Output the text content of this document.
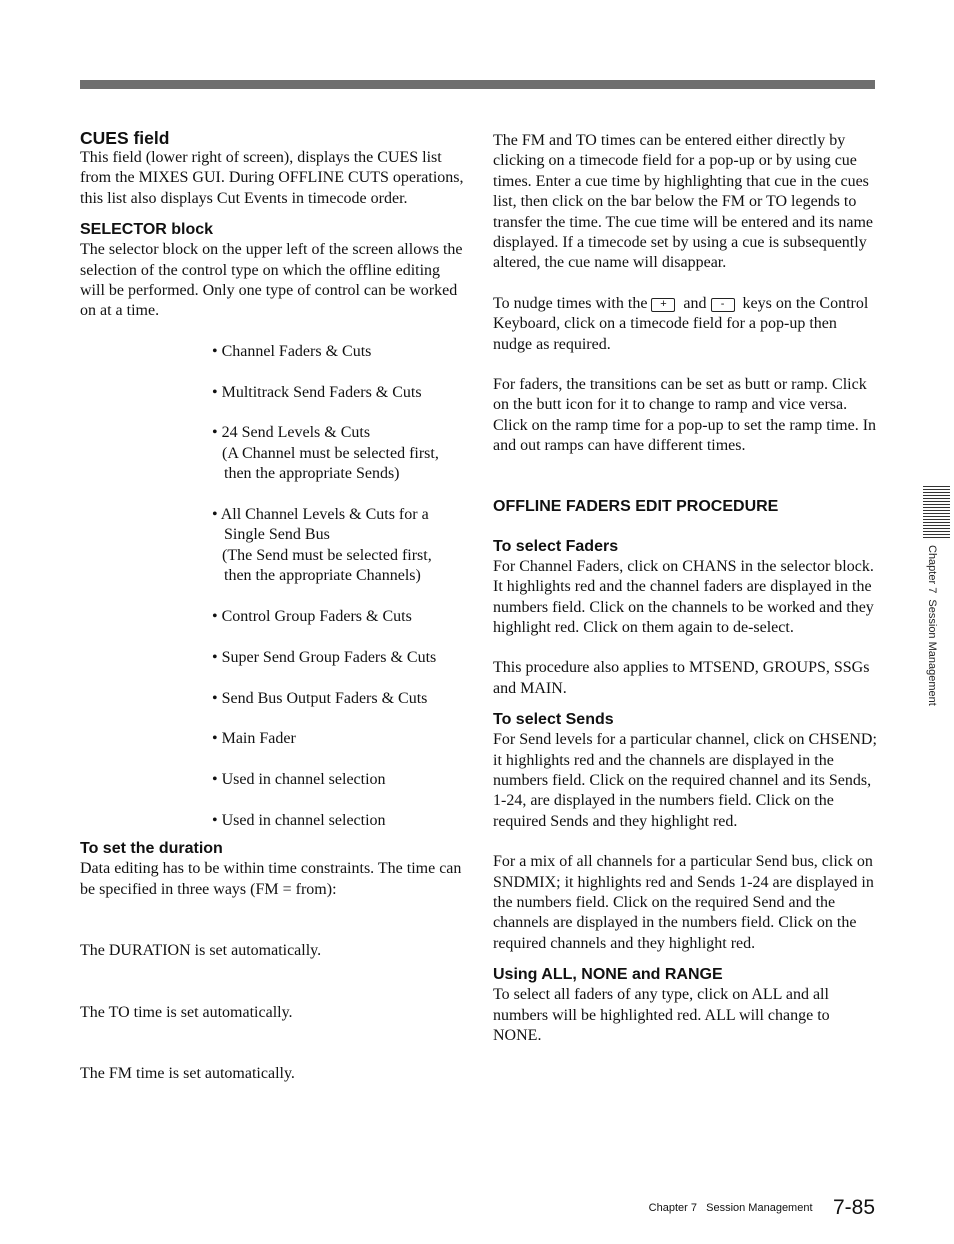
CUES field

This field (lower right of screen), displays the CUES list from the MIXES GUI. During OFFLINE CUTS operations, this list also displays Cut Events in timecode order.

SELECTOR block

The selector block on the upper left of the screen allows the selection of the control type on which the offline editing will be performed. Only one type of control can be worked on at a time.

• Channel Faders & Cuts
• Multitrack Send Faders & Cuts
• 24 Send Levels & Cuts
(A Channel must be selected first,
then the appropriate Sends)
• All Channel Levels & Cuts for a
Single Send Bus
(The Send must be selected first,
then the appropriate Channels)
• Control Group Faders & Cuts
• Super Send Group Faders & Cuts
• Send Bus Output Faders & Cuts
• Main Fader
• Used in channel selection
• Used in channel selection
To set the duration

Data editing has to be within time constraints. The time can be specified in three ways (FM = from):

The DURATION is set automatically.

The TO time is set automatically.

The FM time is set automatically.

The FM and TO times can be entered either directly by clicking on a timecode field for a pop-up or by using cue times. Enter a cue time by highlighting that cue in the cues list, then click on the bar below the FM or TO legends to transfer the time. The cue time will be entered and its name displayed. If a timecode set by using a cue is subsequently altered, the cue name will disappear.

To nudge times with the + and - keys on the Control Keyboard, click on a timecode field for a pop-up then nudge as required.

For faders, the transitions can be set as butt or ramp. Click on the butt icon for it to change to ramp and vice versa. Click on the ramp time for a pop-up to set the ramp time. In and out ramps can have different times.

OFFLINE FADERS EDIT PROCEDURE
To select Faders

For Channel Faders, click on CHANS in the selector block. It highlights red and the channel faders are displayed in the numbers field. Click on the channels to be worked and they highlight red. Click on them again to de-select.

This procedure also applies to MTSEND, GROUPS, SSGs and MAIN.

To select Sends

For Send levels for a particular channel, click on CHSEND; it highlights red and the channels are displayed in the numbers field. Click on the required channel and its Sends, 1-24, are displayed in the numbers field. Click on the required Sends and they highlight red.

For a mix of all channels for a particular Send bus, click on SNDMIX; it highlights red and Sends 1-24 are displayed in the numbers field. Click on the required Send and the channels are displayed in the numbers field. Click on the required channels and they highlight red.

Using ALL, NONE and RANGE

To select all faders of any type, click on ALL and all numbers will be highlighted red. ALL will change to NONE.

Chapter 7  Session Management
Chapter 7   Session Management 7-85
